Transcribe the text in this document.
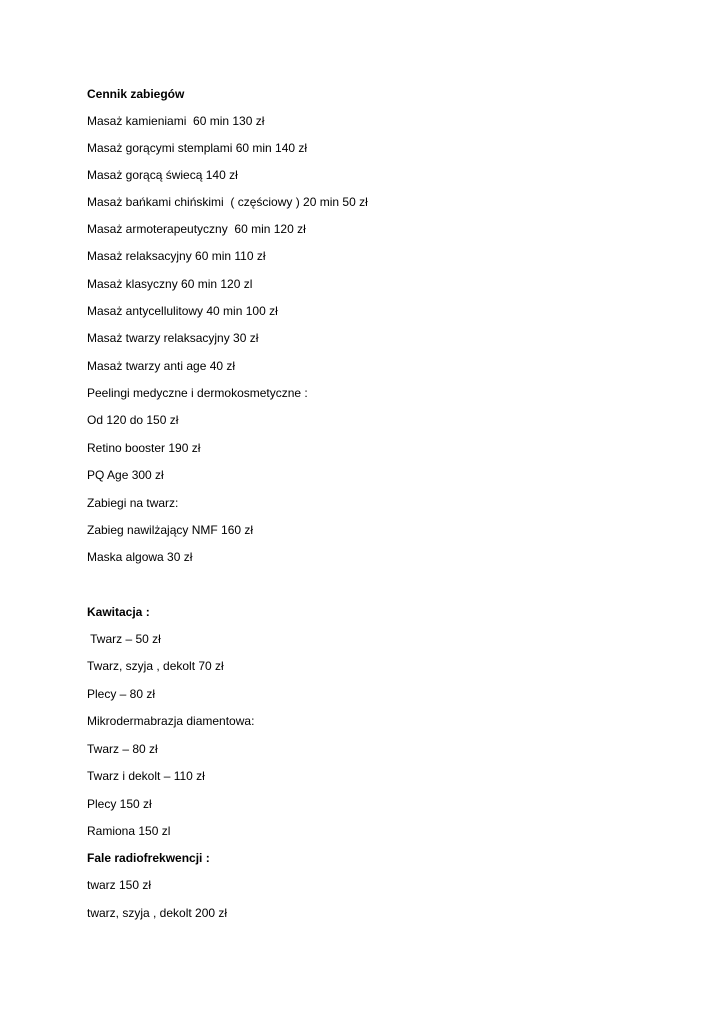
Cennik zabiegów
Masaż kamieniami  60 min 130 zł
Masaż gorącymi stemplami 60 min 140 zł
Masaż gorącą świecą 140 zł
Masaż bańkami chińskimi  ( częściowy ) 20 min 50 zł
Masaż armoterapeutyczny  60 min 120 zł
Masaż relaksacyjny 60 min 110 zł
Masaż klasyczny 60 min 120 zl
Masaż antycellulitowy 40 min 100 zł
Masaż twarzy relaksacyjny 30 zł
Masaż twarzy anti age 40 zł
Peelingi medyczne i dermokosmetyczne :
Od 120 do 150 zł
Retino booster 190 zł
PQ Age 300 zł
Zabiegi na twarz:
Zabieg nawilżający NMF 160 zł
Maska algowa 30 zł
Kawitacja :
Twarz – 50 zł
Twarz, szyja , dekolt 70 zł
Plecy – 80 zł
Mikrodermabrazja diamentowa:
Twarz – 80 zł
Twarz i dekolt – 110 zł
Plecy 150 zł
Ramiona 150 zl
Fale radiofrekwencji :
twarz 150 zł
twarz, szyja , dekolt 200 zł
